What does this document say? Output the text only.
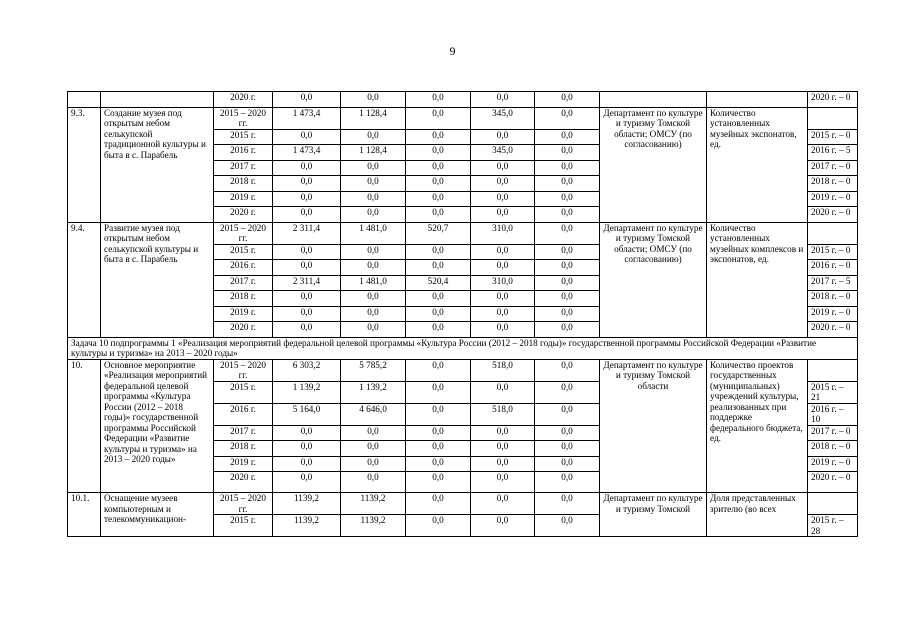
9
		2020 г.	0,0	0,0	0,0	0,0	0,0			2020 г. – 0
9.3.	Создание музея под открытым небом селькупской традиционной культуры и быта в с. Парабель	2015 – 2020 гг.	1 473,4	1 128,4	0,0	345,0	0,0	Департамент по культуре и туризму Томской области; ОМСУ (по согласованию)	Количество установленных музейных экспонатов, ед.	
		2015 г.	0,0	0,0	0,0	0,0	0,0			2015 г. – 0
		2016 г.	1 473,4	1 128,4	0,0	345,0	0,0			2016 г. – 5
		2017 г.	0,0	0,0	0,0	0,0	0,0			2017 г. – 0
		2018 г.	0,0	0,0	0,0	0,0	0,0			2018 г. – 0
		2019 г.	0,0	0,0	0,0	0,0	0,0			2019 г. – 0
		2020 г.	0,0	0,0	0,0	0,0	0,0			2020 г. – 0
9.4.	Развитие музея под открытым небом селькупской культуры и быта в с. Парабель	2015 – 2020 гг.	2 311,4	1 481,0	520,7	310,0	0,0	Департамент по культуре и туризму Томской области; ОМСУ (по согласованию)	Количество установленных музейных комплексов и экспонатов, ед.	
		2015 г.	0,0	0,0	0,0	0,0	0,0			2015 г. – 0
		2016 г.	0,0	0,0	0,0	0,0	0,0			2016 г. – 0
		2017 г.	2 311,4	1 481,0	520,4	310,0	0,0			2017 г. – 5
		2018 г.	0,0	0,0	0,0	0,0	0,0			2018 г. – 0
		2019 г.	0,0	0,0	0,0	0,0	0,0			2019 г. – 0
		2020 г.	0,0	0,0	0,0	0,0	0,0			2020 г. – 0
Задача 10 подпрограммы 1 «Реализация мероприятий федеральной целевой программы «Культура России (2012 – 2018 годы)» государственной программы Российской Федерации «Развитие культуры и туризма» на 2013 – 2020 годы»										
10.	Основное мероприятие «Реализация мероприятий федеральной целевой программы «Культура России (2012 – 2018 годы)» государственной программы Российской Федерации «Развитие культуры и туризма» на 2013 – 2020 годы»	2015 – 2020 гг.	6 303,2	5 785,2	0,0	518,0	0,0	Департамент по культуре и туризму Томской области	Количество проектов государственных (муниципальных) учреждений культуры, реализованных при поддержке федерального бюджета, ед.	
		2015 г.	1 139,2	1 139,2	0,0	0,0	0,0			2015 г. – 21
		2016 г.	5 164,0	4 646,0	0,0	518,0	0,0			2016 г. – 10
		2017 г.	0,0	0,0	0,0	0,0	0,0			2017 г. – 0
		2018 г.	0,0	0,0	0,0	0,0	0,0			2018 г. – 0
		2019 г.	0,0	0,0	0,0	0,0	0,0			2019 г. – 0
		2020 г.	0,0	0,0	0,0	0,0	0,0			2020 г. – 0
10.1.	Оснащение музеев компьютерным и телекоммуникацион-	2015 – 2020 гг.	1139,2	1139,2	0,0	0,0	0,0	Департамент по культуре и туризму Томской	Доля представленных зрителю (во всех	
		2015 г.	1139,2	1139,2	0,0	0,0	0,0			2015 г. – 28
